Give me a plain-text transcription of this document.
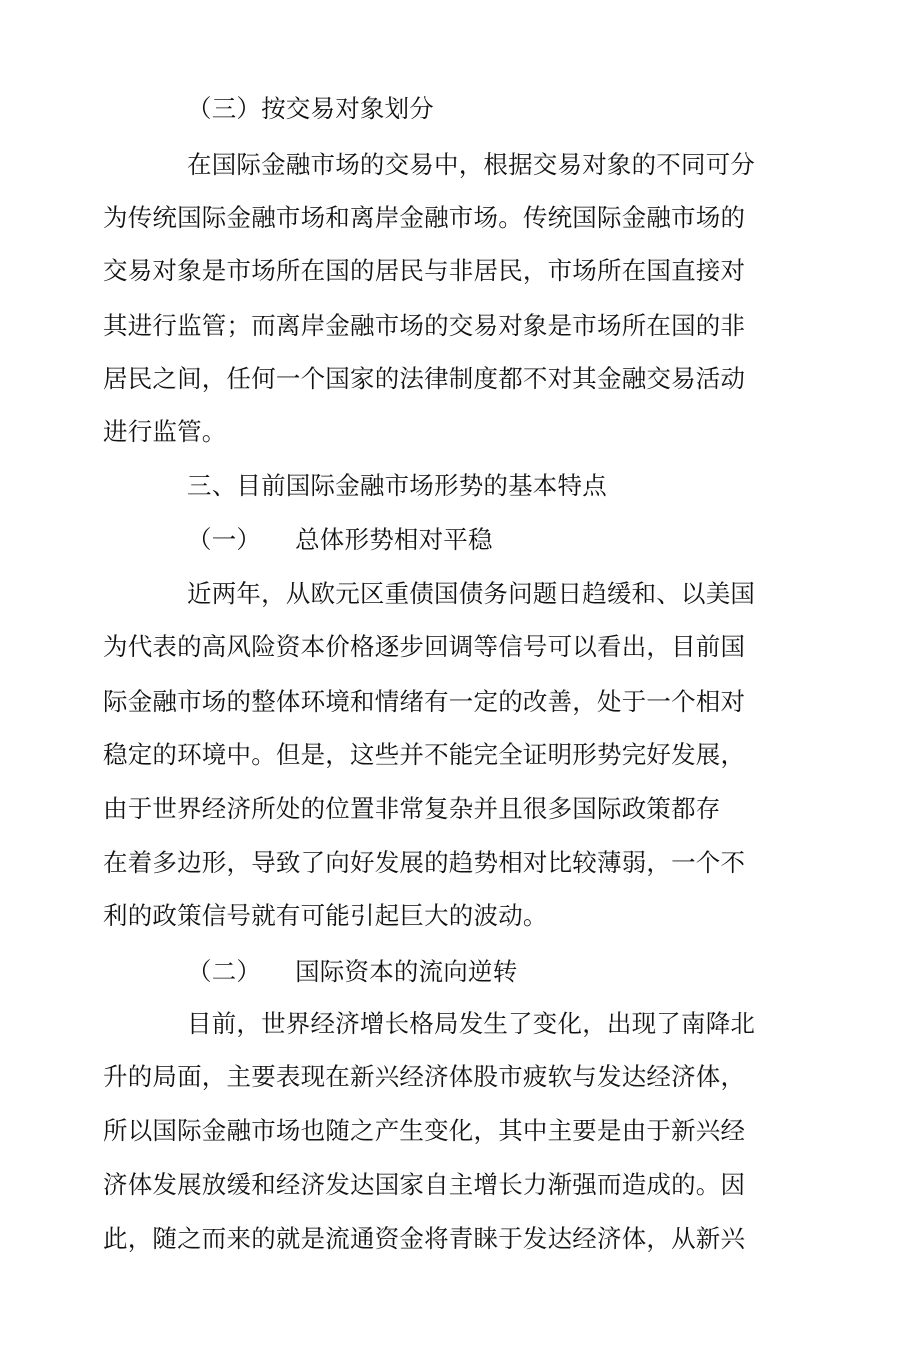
（三）按交易对象划分
在国际金融市场的交易中，根据交易对象的不同可分
为传统国际金融市场和离岸金融市场。传统国际金融市场的
交易对象是市场所在国的居民与非居民，市场所在国直接对
其进行监管；而离岸金融市场的交易对象是市场所在国的非
居民之间，任何一个国家的法律制度都不对其金融交易活动
进行监管。
三、目前国际金融市场形势的基本特点
（一） 总体形势相对平稳
近两年，从欧元区重债国债务问题日趋缓和、以美国
为代表的高风险资本价格逐步回调等信号可以看出，目前国
际金融市场的整体环境和情绪有一定的改善，处于一个相对
稳定的环境中。但是，这些并不能完全证明形势完好发展，
由于世界经济所处的位置非常复杂并且很多国际政策都存
在着多边形，导致了向好发展的趋势相对比较薄弱，一个不
利的政策信号就有可能引起巨大的波动。
（二） 国际资本的流向逆转
目前，世界经济增长格局发生了变化，出现了南降北
升的局面，主要表现在新兴经济体股市疲软与发达经济体，
所以国际金融市场也随之产生变化，其中主要是由于新兴经
济体发展放缓和经济发达国家自主增长力渐强而造成的。因
此，随之而来的就是流通资金将青睐于发达经济体，从新兴
